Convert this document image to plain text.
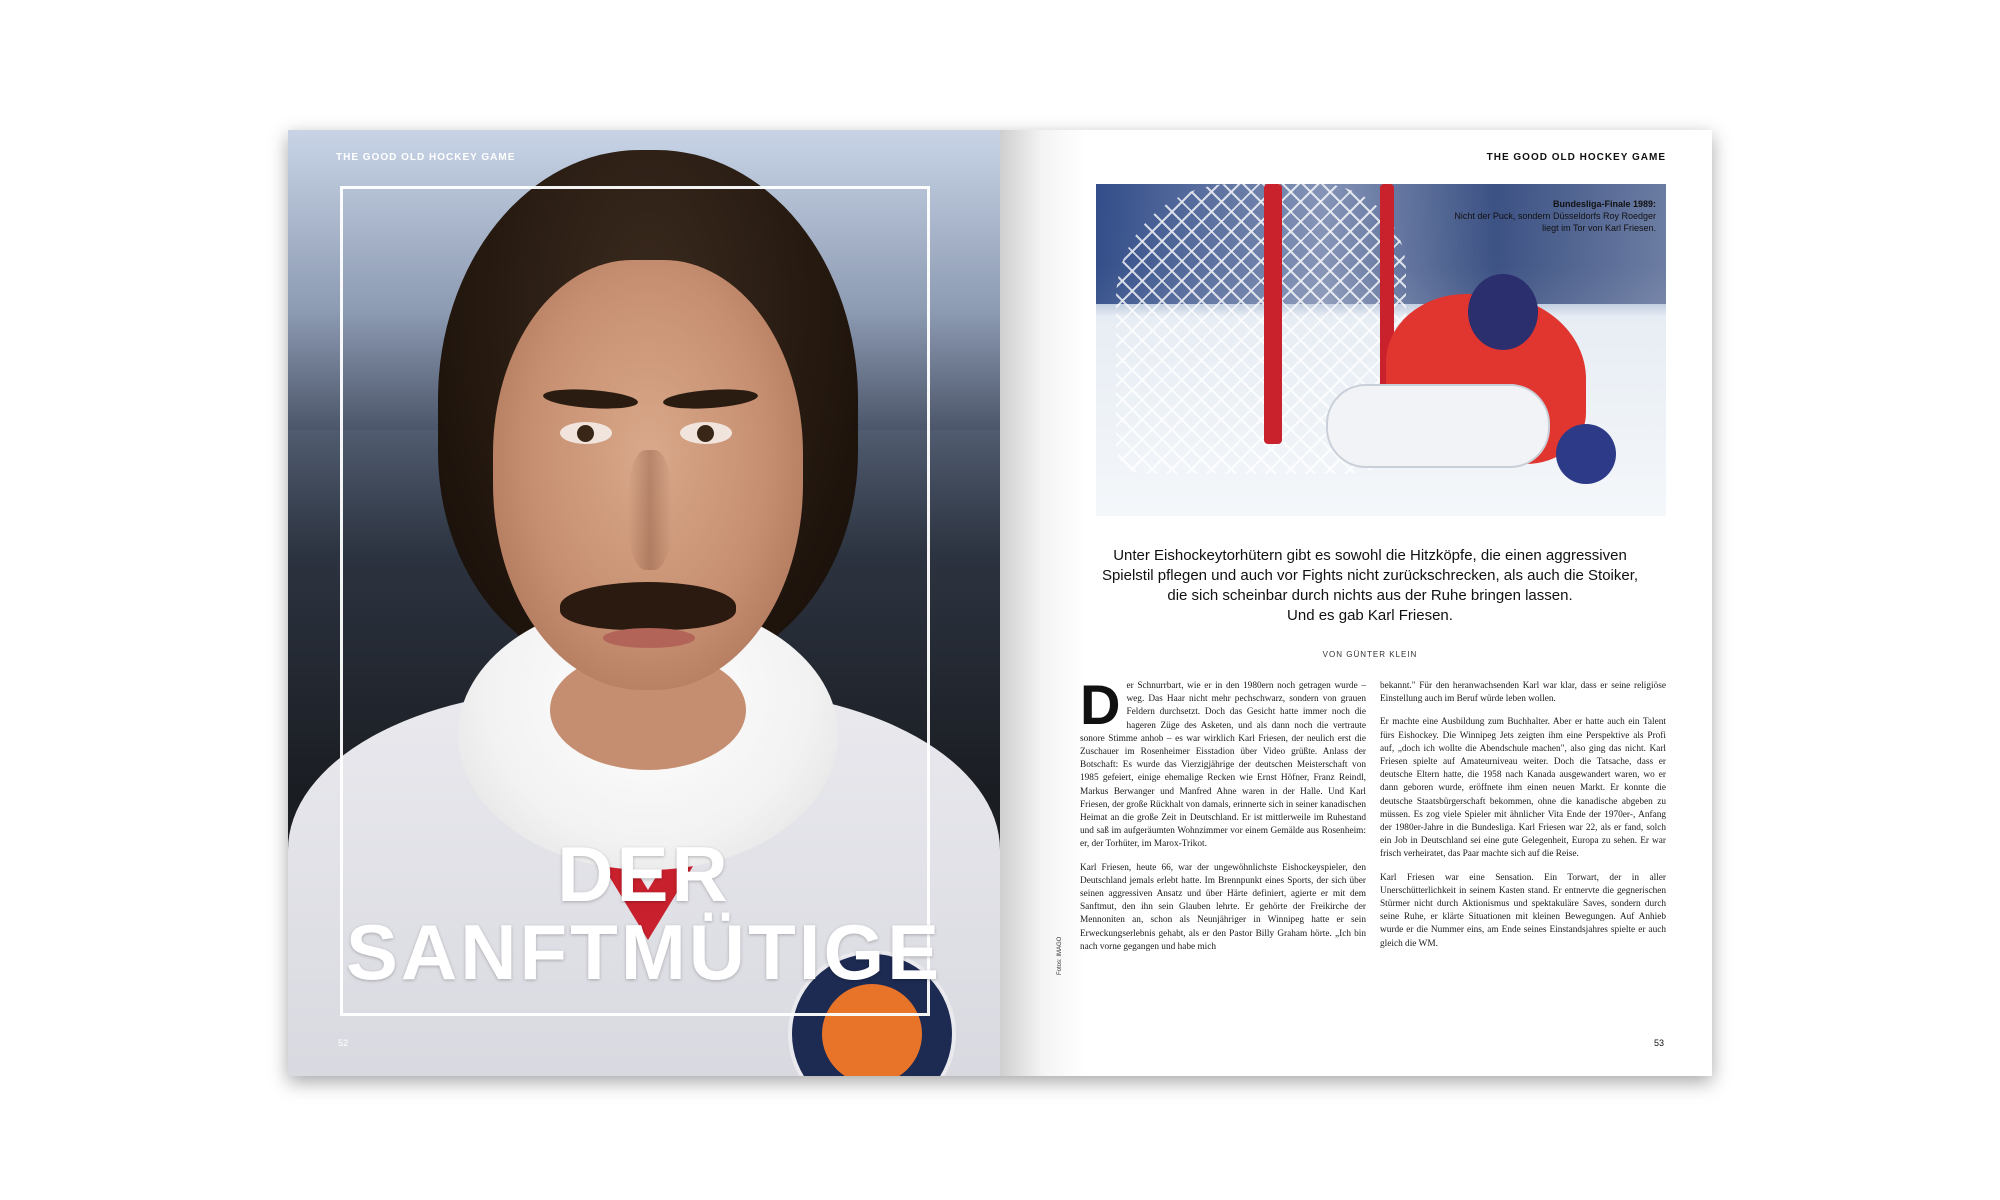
THE GOOD OLD HOCKEY GAME
DER
SANFTMÜTIGE
52
THE GOOD OLD HOCKEY GAME
Bundesliga-Finale 1989:
Nicht der Puck, sondern Düsseldorfs Roy Roedger liegt im Tor von Karl Friesen.
Fotos: IMAGO

Unter Eishockeytorhütern gibt es sowohl die Hitzköpfe, die einen aggressiven

Spielstil pflegen und auch vor Fights nicht zurückschrecken, als auch die Stoiker,

die sich scheinbar durch nichts aus der Ruhe bringen lassen.

Und es gab Karl Friesen.

VON GÜNTER KLEIN

Der Schnurrbart, wie er in den 1980ern noch getragen wurde – weg. Das Haar nicht mehr pechschwarz, sondern von grauen Feldern durchsetzt. Doch das Gesicht hatte immer noch die hageren Züge des Asketen, und als dann noch die vertraute sonore Stimme anhob – es war wirklich Karl Friesen, der neulich erst die Zuschauer im Rosenheimer Eisstadion über Video grüßte. Anlass der Botschaft: Es wurde das Vierzigjährige der deutschen Meisterschaft von 1985 gefeiert, einige ehemalige Recken wie Ernst Höfner, Franz Reindl, Markus Berwanger und Manfred Ahne waren in der Halle. Und Karl Friesen, der große Rückhalt von damals, erinnerte sich in seiner kanadischen Heimat an die große Zeit in Deutschland. Er ist mittlerweile im Ruhestand und saß im aufgeräumten Wohnzimmer vor einem Gemälde aus Rosenheim: er, der Torhüter, im Marox-Trikot.

Karl Friesen, heute 66, war der ungewöhnlichste Eishockeyspieler, den Deutschland jemals erlebt hatte. Im Brennpunkt eines Sports, der sich über seinen aggressiven Ansatz und über Härte definiert, agierte er mit dem Sanftmut, den ihn sein Glauben lehrte. Er gehörte der Freikirche der Mennoniten an, schon als Neunjähriger in Winnipeg hatte er sein Erweckungserlebnis gehabt, als er den Pastor Billy Graham hörte. „Ich bin nach vorne gegangen und habe mich

bekannt." Für den heranwachsenden Karl war klar, dass er seine religiöse Einstellung auch im Beruf würde leben wollen.

Er machte eine Ausbildung zum Buchhalter. Aber er hatte auch ein Talent fürs Eishockey. Die Winnipeg Jets zeigten ihm eine Perspektive als Profi auf, „doch ich wollte die Abendschule machen", also ging das nicht. Karl Friesen spielte auf Amateurniveau weiter. Doch die Tatsache, dass er deutsche Eltern hatte, die 1958 nach Kanada ausgewandert waren, wo er dann geboren wurde, eröffnete ihm einen neuen Markt. Er konnte die deutsche Staatsbürgerschaft bekommen, ohne die kanadische abgeben zu müssen. Es zog viele Spieler mit ähnlicher Vita Ende der 1970er-, Anfang der 1980er-Jahre in die Bundesliga. Karl Friesen war 22, als er fand, solch ein Job in Deutschland sei eine gute Gelegenheit, Europa zu sehen. Er war frisch verheiratet, das Paar machte sich auf die Reise.

Karl Friesen war eine Sensation. Ein Torwart, der in aller Unerschütterlichkeit in seinem Kasten stand. Er entnervte die gegnerischen Stürmer nicht durch Aktionismus und spektakuläre Saves, sondern durch seine Ruhe, er klärte Situationen mit kleinen Bewegungen. Auf Anhieb wurde er die Nummer eins, am Ende seines Einstandsjahres spielte er auch gleich die WM.

53
